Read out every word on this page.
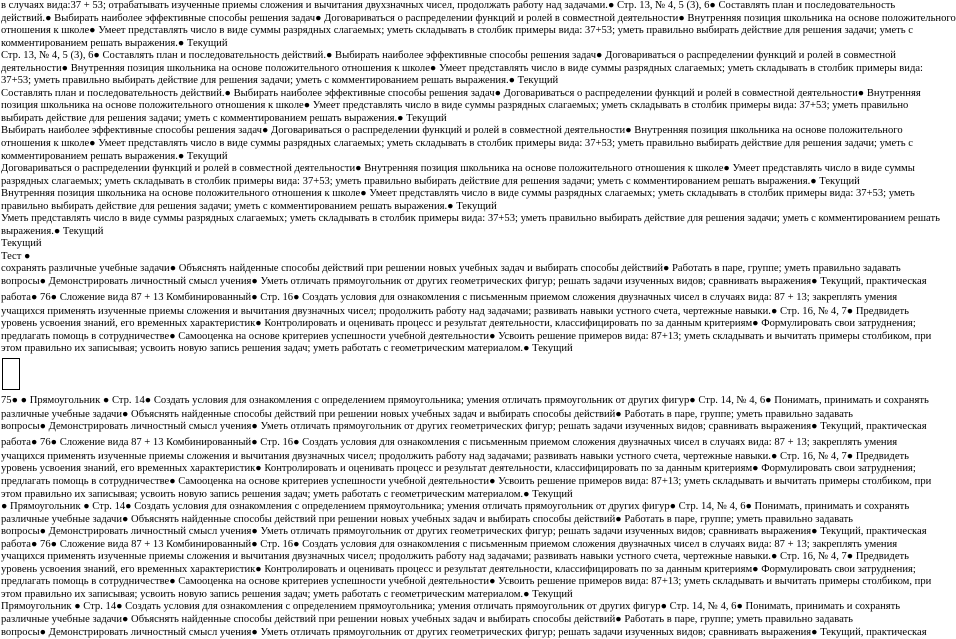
в случаях вида:37 + 53; отрабатывать изученные приемы сложения и вычитания двухзначных чисел, продолжать работу над задачами.● Стр. 13, № 4, 5 (3), 6● Составлять план и последовательность
действий.● Выбирать наиболее эффективные способы решения задач● Договариваться о распределении функций и ролей в совместной деятельности● Внутренняя позиция школьника на основе положительного
отношения к школе● Умеет представлять число в виде суммы разрядных слагаемых; уметь складывать в столбик примеры вида: 37+53; уметь правильно выбирать действие для решения задачи; уметь с
комментированием решать выражения.● Текущий
Стр. 13, № 4, 5 (3), 6● Составлять план и последовательность действий.● Выбирать наиболее эффективные способы решения задач● Договариваться о распределении функций и ролей в совместной
деятельности● Внутренняя позиция школьника на основе положительного отношения к школе● Умеет представлять число в виде суммы разрядных слагаемых; уметь складывать в столбик примеры вида:
37+53; уметь правильно выбирать действие для решения задачи; уметь с комментированием решать выражения.● Текущий
Составлять план и последовательность действий.● Выбирать наиболее эффективные способы решения задач● Договариваться о распределении функций и ролей в совместной деятельности● Внутренняя
позиция школьника на основе положительного отношения к школе● Умеет представлять число в виде суммы разрядных слагаемых; уметь складывать в столбик примеры вида: 37+53; уметь правильно
выбирать действие для решения задачи; уметь с комментированием решать выражения.● Текущий
Выбирать наиболее эффективные способы решения задач● Договариваться о распределении функций и ролей в совместной деятельности● Внутренняя позиция школьника на основе положительного
отношения к школе● Умеет представлять число в виде суммы разрядных слагаемых; уметь складывать в столбик примеры вида: 37+53; уметь правильно выбирать действие для решения задачи; уметь с
комментированием решать выражения.● Текущий
Договариваться о распределении функций и ролей в совместной деятельности● Внутренняя позиция школьника на основе положительного отношения к школе● Умеет представлять число в виде суммы
разрядных слагаемых; уметь складывать в столбик примеры вида: 37+53; уметь правильно выбирать действие для решения задачи; уметь с комментированием решать выражения.● Текущий
Внутренняя позиция школьника на основе положительного отношения к школе● Умеет представлять число в виде суммы разрядных слагаемых; уметь складывать в столбик примеры вида: 37+53; уметь
правильно выбирать действие для решения задачи; уметь с комментированием решать выражения.● Текущий
Уметь представлять число в виде суммы разрядных слагаемых; уметь складывать в столбик примеры вида: 37+53; уметь правильно выбирать действие для решения задачи; уметь с комментированием решать
выражения.● Текущий
Текущий
Тест ●
сохранять различные учебные задачи● Объяснять найденные способы действий при решении новых учебных задач и выбирать способы действий● Работать в паре, группе; уметь правильно задавать
вопросы● Демонстрировать личностный смысл учения● Уметь отличать прямоугольник от других геометрических фигур; решать задачи изученных видов; сравнивать выражения● Текущий, практическая
работа● 76● Сложение вида 87 + 13 Комбинированный● Стр. 16● Создать условия для ознакомления с письменным приемом сложения двузначных чисел в случаях вида: 87 + 13; закреплять умения
учащихся применять изученные приемы сложения и вычитания двузначных чисел; продолжить работу над задачами; развивать навыки устного счета, чертежные навыки.● Стр. 16, № 4, 7● Предвидеть
уровень усвоения знаний, его временных характеристик● Контролировать и оценивать процесс и результат деятельности, классифицировать по за данным критериям● Формулировать свои затруднения;
предлагать помощь в сотрудничестве● Самооценка на основе критериев успешности учебной деятельности● Усвоить решение примеров вида: 87+13; уметь складывать и вычитать примеры столбиком, при
этом правильно их записывая; усвоить новую запись решения задач; уметь работать с геометрическим материалом.● Текущий
75● ● Прямоугольник ● Стр. 14● Создать условия для ознакомления с определением прямоугольника; умения отличать прямоугольник от других фигур● Стр. 14, № 4, 6● Понимать, принимать и сохранять
различные учебные задачи● Объяснять найденные способы действий при решении новых учебных задач и выбирать способы действий● Работать в паре, группе; уметь правильно задавать
вопросы● Демонстрировать личностный смысл учения● Уметь отличать прямоугольник от других геометрических фигур; решать задачи изученных видов; сравнивать выражения● Текущий, практическая
работа● 76● Сложение вида 87 + 13 Комбинированный● Стр. 16● Создать условия для ознакомления с письменным приемом сложения двузначных чисел в случаях вида: 87 + 13; закреплять умения
учащихся применять изученные приемы сложения и вычитания двузначных чисел; продолжить работу над задачами; развивать навыки устного счета, чертежные навыки.● Стр. 16, № 4, 7● Предвидеть
уровень усвоения знаний, его временных характеристик● Контролировать и оценивать процесс и результат деятельности, классифицировать по за данным критериям● Формулировать свои затруднения;
предлагать помощь в сотрудничестве● Самооценка на основе критериев успешности учебной деятельности● Усвоить решение примеров вида: 87+13; уметь складывать и вычитать примеры столбиком, при
этом правильно их записывая; усвоить новую запись решения задач; уметь работать с геометрическим материалом.● Текущий
● Прямоугольник ● Стр. 14● Создать условия для ознакомления с определением прямоугольника; умения отличать прямоугольник от других фигур● Стр. 14, № 4, 6● Понимать, принимать и сохранять
различные учебные задачи● Объяснять найденные способы действий при решении новых учебных задач и выбирать способы действий● Работать в паре, группе; уметь правильно задавать
вопросы● Демонстрировать личностный смысл учения● Уметь отличать прямоугольник от других геометрических фигур; решать задачи изученных видов; сравнивать выражения● Текущий, практическая
работа● 76● Сложение вида 87 + 13 Комбинированный● Стр. 16● Создать условия для ознакомления с письменным приемом сложения двузначных чисел в случаях вида: 87 + 13; закреплять умения
учащихся применять изученные приемы сложения и вычитания двузначных чисел; продолжить работу над задачами; развивать навыки устного счета, чертежные навыки.● Стр. 16, № 4, 7● Предвидеть
уровень усвоения знаний, его временных характеристик● Контролировать и оценивать процесс и результат деятельности, классифицировать по за данным критериям● Формулировать свои затруднения;
предлагать помощь в сотрудничестве● Самооценка на основе критериев успешности учебной деятельности● Усвоить решение примеров вида: 87+13; уметь складывать и вычитать примеры столбиком, при
этом правильно их записывая; усвоить новую запись решения задач; уметь работать с геометрическим материалом.● Текущий
Прямоугольник ● Стр. 14● Создать условия для ознакомления с определением прямоугольника; умения отличать прямоугольник от других фигур● Стр. 14, № 4, 6● Понимать, принимать и сохранять
различные учебные задачи● Объяснять найденные способы действий при решении новых учебных задач и выбирать способы действий● Работать в паре, группе; уметь правильно задавать
вопросы● Демонстрировать личностный смысл учения● Уметь отличать прямоугольник от других геометрических фигур; решать задачи изученных видов; сравнивать выражения● Текущий, практическая
